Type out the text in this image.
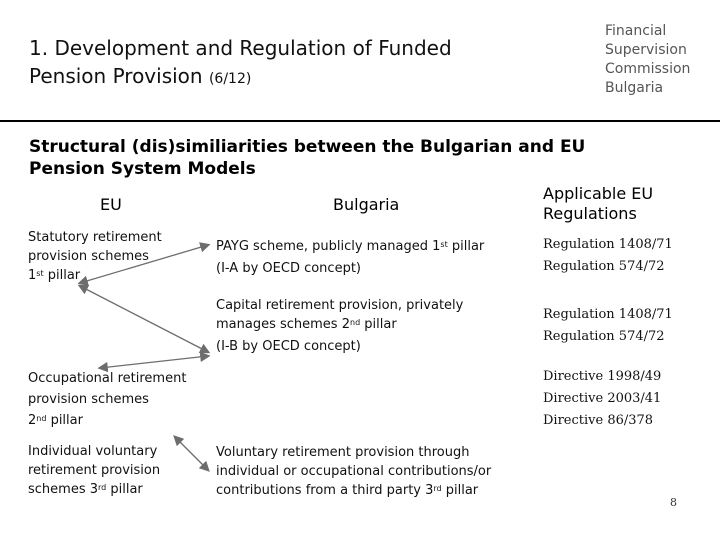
1. Development and Regulation of Funded
Pension Provision (6/12)
Financial
Supervision
Commission
Bulgaria
Structural (dis)similiarities between the Bulgarian and EU
Pension System Models
EU	Bulgaria
Applicable EU
Regulations
Statutory retirement
provision schemes
1st pillar
Occupational retirement
provision schemes
2nd pillar
Individual voluntary
retirement provision
schemes 3rd pillar
PAYG scheme, publicly managed 1st pillar
(I-A by OECD concept)
Capital retirement provision, privately
manages schemes 2nd pillar
(I-B by OECD concept)
Voluntary retirement provision through
individual or occupational contributions/or
contributions from a third party 3rd pillar
Regulation 1408/71
Regulation 574/72
Regulation 1408/71
Regulation 574/72
Directive 1998/49
Directive 2003/41
Directive 86/378
8
